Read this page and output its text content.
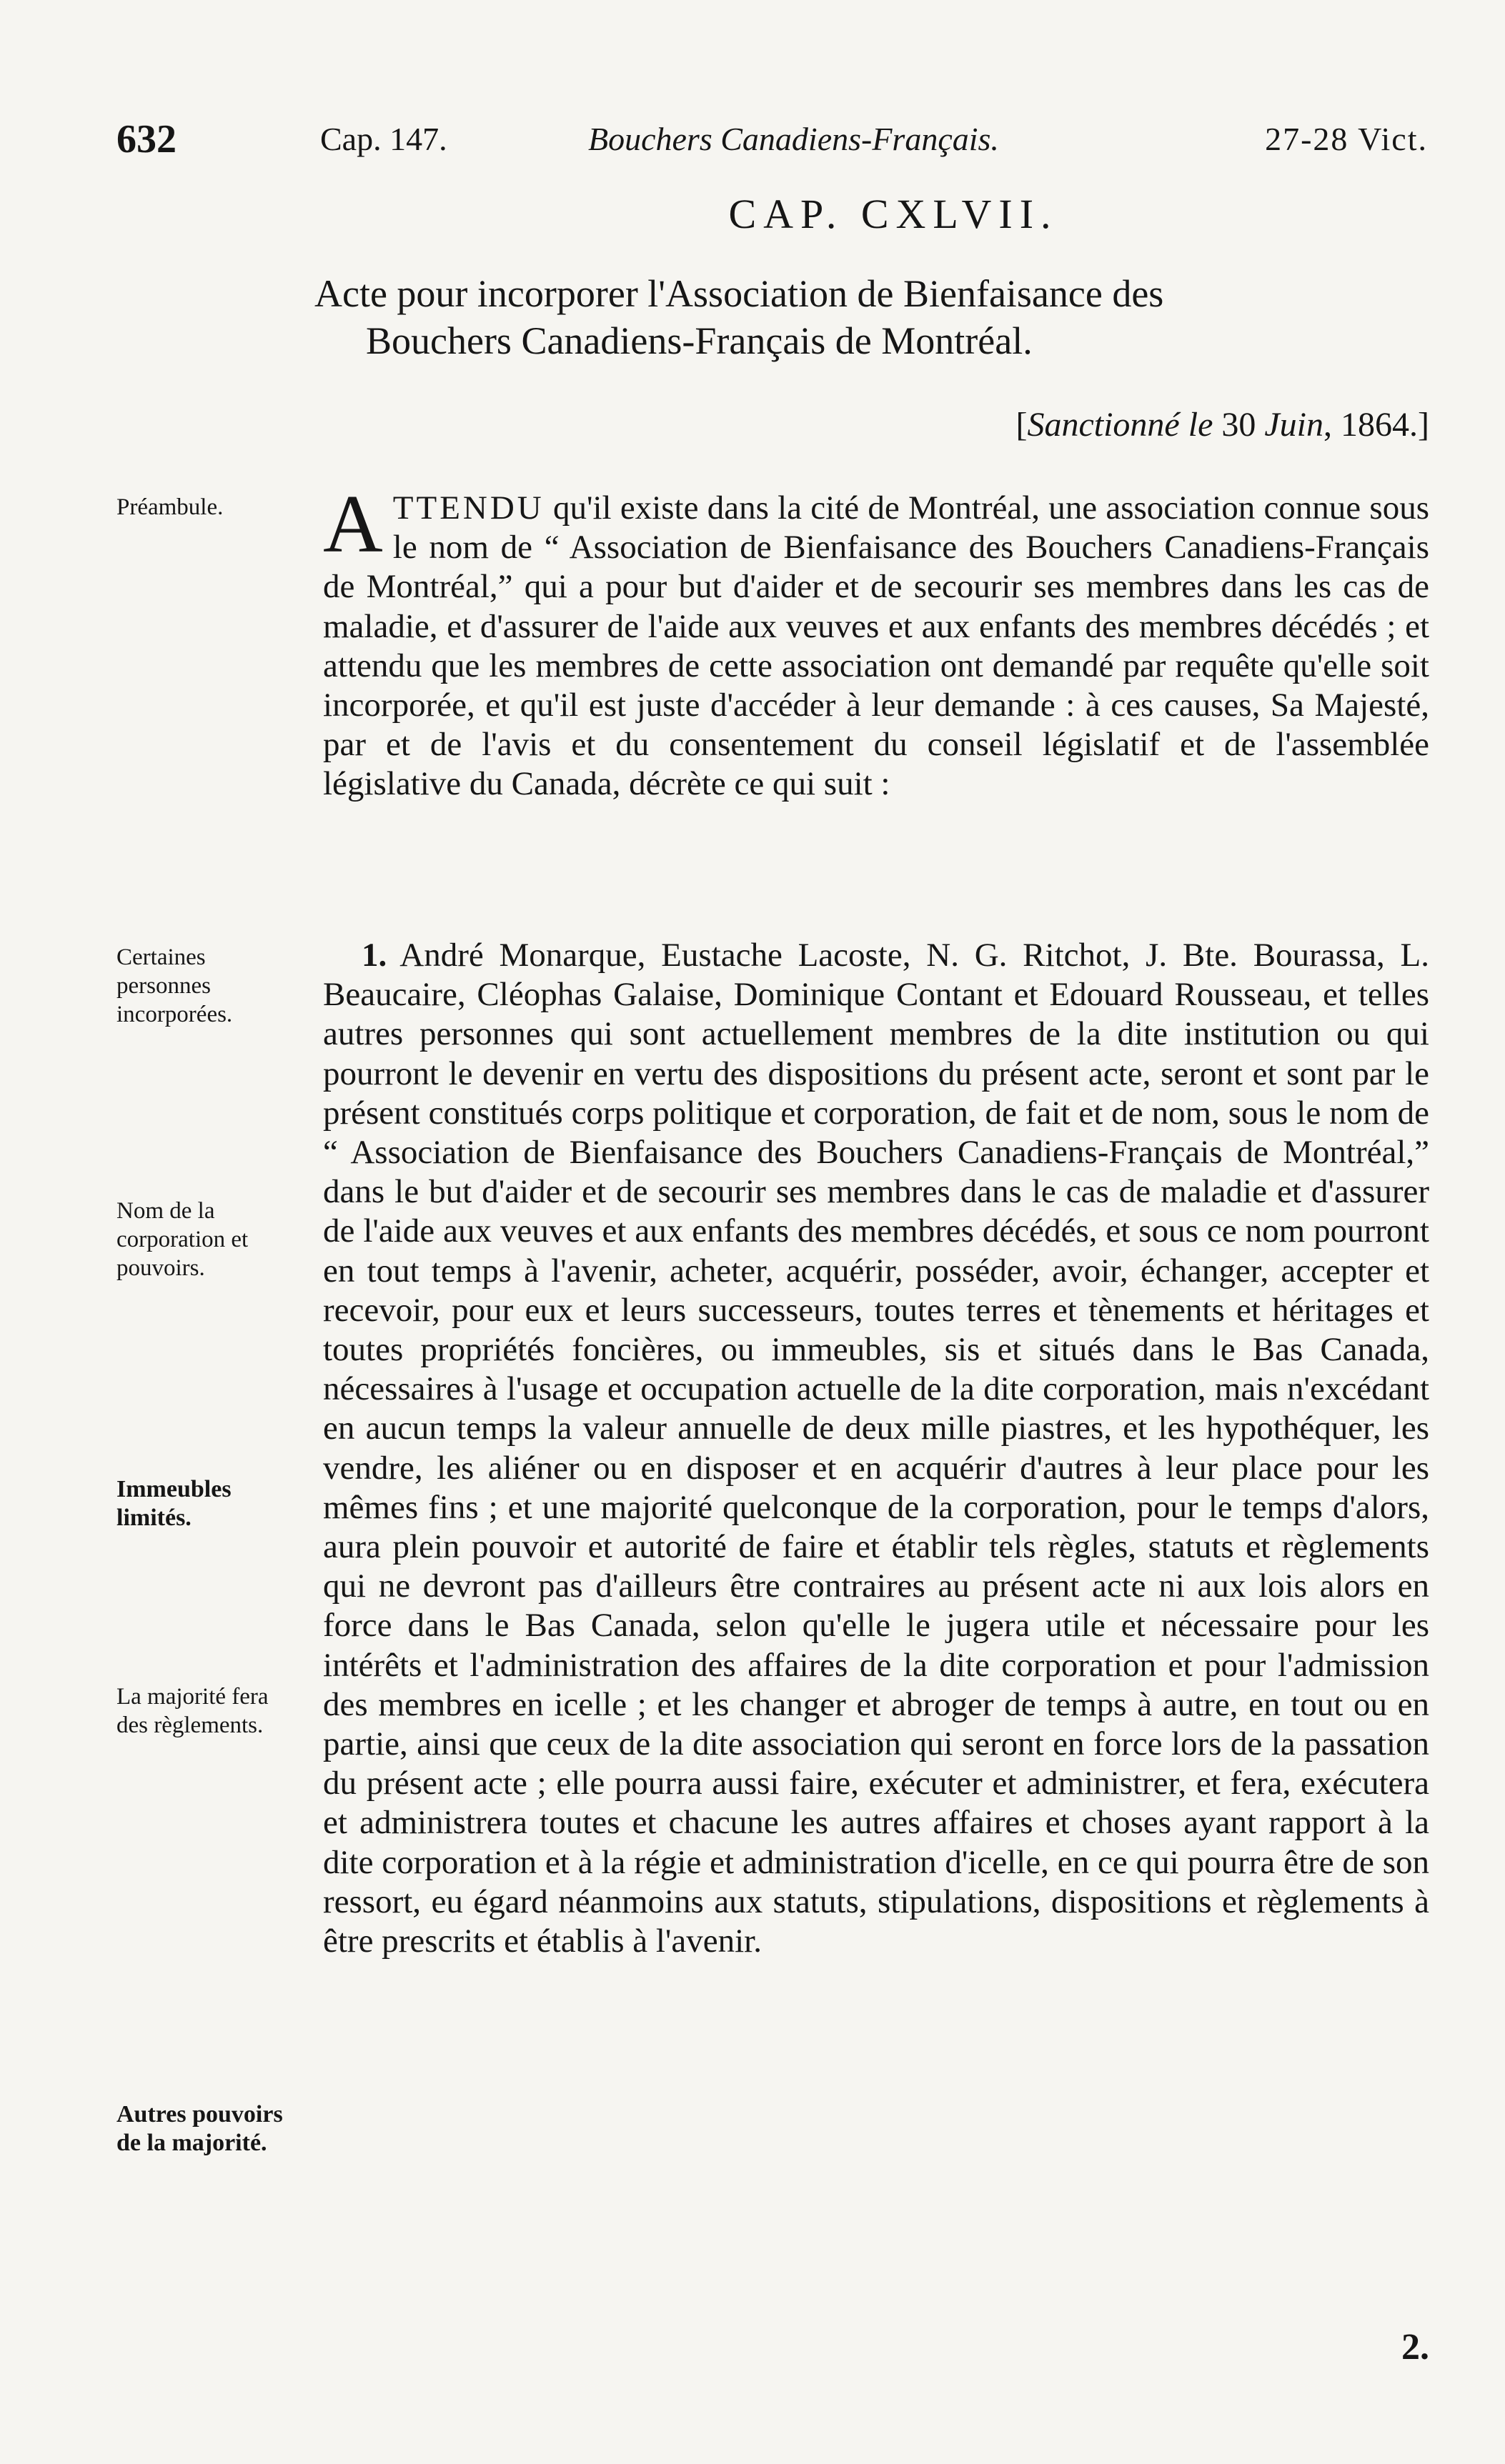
632	Cap. 147.	Bouchers Canadiens-Français.	27-28 Vict.
CAP. CXLVII.
Acte pour incorporer l'Association de Bienfaisance des
Bouchers Canadiens-Français de Montréal.
[Sanctionné le 30 Juin, 1864.]
Préambule.
Certaines personnes incorporées.
Nom de la corporation et pouvoirs.
Immeubles limités.
La majorité fera des règlements.
Autres pouvoirs de la majorité.
ATTENDU qu'il existe dans la cité de Montréal, une association connue sous le nom de “ Association de Bienfaisance des Bouchers Canadiens-Français de Montréal,” qui a pour but d'aider et de secourir ses membres dans les cas de maladie, et d'assurer de l'aide aux veuves et aux enfants des membres décédés ; et attendu que les membres de cette association ont demandé par requête qu'elle soit incorporée, et qu'il est juste d'accéder à leur demande : à ces causes, Sa Majesté, par et de l'avis et du consentement du conseil législatif et de l'assemblée législative du Canada, décrète ce qui suit :
1. André Monarque, Eustache Lacoste, N. G. Ritchot, J. Bte. Bourassa, L. Beaucaire, Cléophas Galaise, Dominique Contant et Edouard Rousseau, et telles autres personnes qui sont actuellement membres de la dite institution ou qui pourront le devenir en vertu des dispositions du présent acte, seront et sont par le présent constitués corps politique et corporation, de fait et de nom, sous le nom de “ Association de Bienfaisance des Bouchers Canadiens-Français de Montréal,” dans le but d'aider et de secourir ses membres dans le cas de maladie et d'assurer de l'aide aux veuves et aux enfants des membres décédés, et sous ce nom pourront en tout temps à l'avenir, acheter, acquérir, posséder, avoir, échanger, accepter et recevoir, pour eux et leurs successeurs, toutes terres et tènements et héritages et toutes propriétés foncières, ou immeubles, sis et situés dans le Bas Canada, nécessaires à l'usage et occupation actuelle de la dite corporation, mais n'excédant en aucun temps la valeur annuelle de deux mille piastres, et les hypothéquer, les vendre, les aliéner ou en disposer et en acquérir d'autres à leur place pour les mêmes fins ; et une majorité quelconque de la corporation, pour le temps d'alors, aura plein pouvoir et autorité de faire et établir tels règles, statuts et règlements qui ne devront pas d'ailleurs être contraires au présent acte ni aux lois alors en force dans le Bas Canada, selon qu'elle le jugera utile et nécessaire pour les intérêts et l'administration des affaires de la dite corporation et pour l'admission des membres en icelle ; et les changer et abroger de temps à autre, en tout ou en partie, ainsi que ceux de la dite association qui seront en force lors de la passation du présent acte ; elle pourra aussi faire, exécuter et administrer, et fera, exécutera et administrera toutes et chacune les autres affaires et choses ayant rapport à la dite corporation et à la régie et administration d'icelle, en ce qui pourra être de son ressort, eu égard néanmoins aux statuts, stipulations, dispositions et règlements à être prescrits et établis à l'avenir.
2.
